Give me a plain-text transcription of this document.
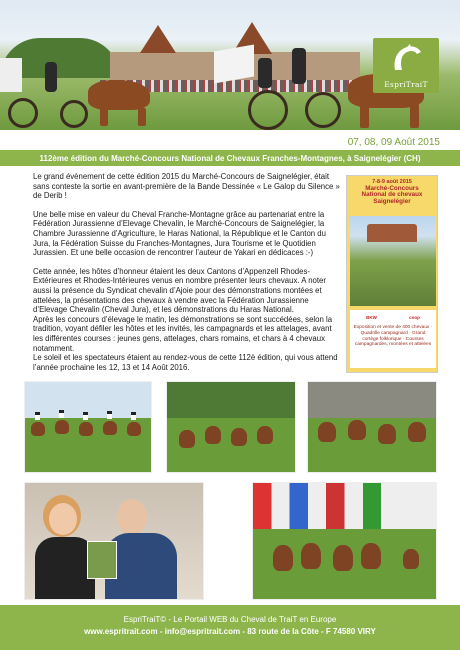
EspriTraiT
07, 08, 09 Août 2015
112ème édition du Marché-Concours National de Chevaux Franches-Montagnes, à Saignelégier (CH)

Le grand évènement de cette édition 2015 du Marché-Concours de Saignelégier, était sans conteste la sortie en avant-première de la Bande Dessinée « Le Galop du Silence » de Derib !

Une belle mise en valeur du Cheval Franche-Montagne grâce au partenariat entre la Fédération Jurassienne d’Elevage Chevalin, le Marché-Concours de Saignelégier, la Chambre Jurassienne d’Agriculture, le Haras National, la République et le Canton du Jura, la Fédération Suisse du Franches-Montagnes, Jura Tourisme et le Quotidien Jurassien. Et une belle occasion de rencontrer l’auteur de Yakari en dédicaces :-)

Cette année, les hôtes d’honneur étaient les deux Cantons d’Appenzell Rhodes-Extérieures et Rhodes-Intérieures venus en nombre présenter leurs chevaux. A noter aussi la présence du Syndicat chevalin d’Ajoie pour des démonstrations montées et attelées, la présentations des chevaux à vendre avec la Fédération Jurassienne d’Elevage Chevalin (Cheval Jura), et les démonstrations du Haras National.

Après les concours d’élevage le matin, les démonstrations se sont succédées, selon la tradition, voyant défiler les hôtes et les invités, les campagnards et les attelages, avant les différentes courses : jeunes gens, attelages, chars romains, et chars à 4 chevaux notamment.

Le soleil et les spectateurs étaient au rendez-vous de cette 112è édition, qui vous attend l’année prochaine les 12, 13 et 14 Août 2016.

7-8-9 août 2015
Marché-Concours
National de chevaux
Saignelégier
BKW	coop
Exposition et vente de 400 chevaux · Quadrille campagnard · Grand cortège folklorique · Courses campagnardes, montées et attelées
EspriTraiT© - Le Portail WEB du Cheval de TraiT en Europe
www.espritrait.com - info@espritrait.com - 83 route de la Côte - F 74580 VIRY
